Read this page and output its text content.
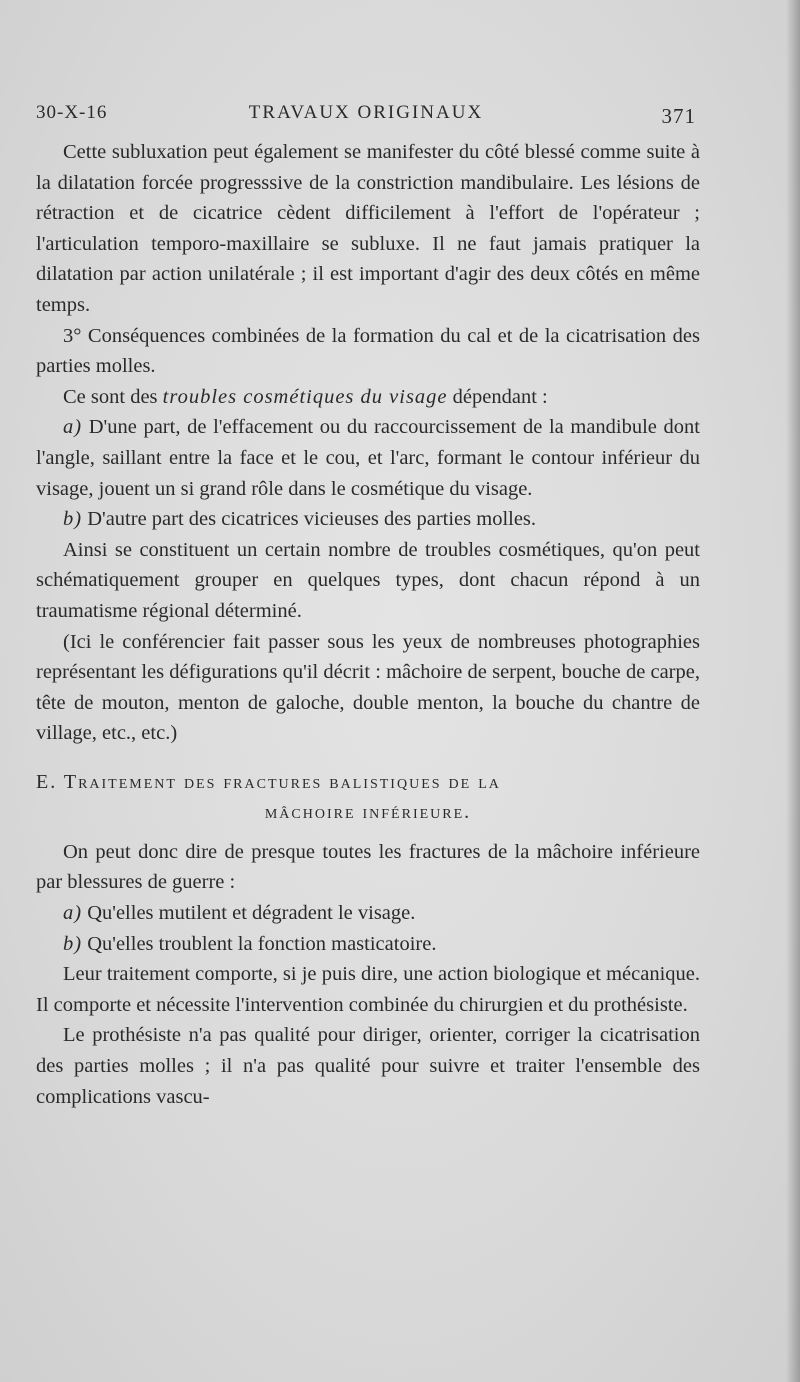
30-X-16	TRAVAUX ORIGINAUX	371

Cette subluxation peut également se manifester du côté blessé comme suite à la dilatation forcée progresssive de la constriction mandibulaire. Les lésions de rétraction et de cicatrice cèdent difficilement à l'effort de l'opérateur ; l'articulation temporo-maxillaire se subluxe. Il ne faut jamais pratiquer la dilatation par action unilatérale ; il est important d'agir des deux côtés en même temps.

3° Conséquences combinées de la formation du cal et de la cicatrisation des parties molles.

Ce sont des troubles cosmétiques du visage dépendant :

a) D'une part, de l'effacement ou du raccourcissement de la mandibule dont l'angle, saillant entre la face et le cou, et l'arc, formant le contour inférieur du visage, jouent un si grand rôle dans le cosmétique du visage.

b) D'autre part des cicatrices vicieuses des parties molles.

Ainsi se constituent un certain nombre de troubles cosmétiques, qu'on peut schématiquement grouper en quelques types, dont chacun répond à un traumatisme régional déterminé.

(Ici le conférencier fait passer sous les yeux de nombreuses photographies représentant les défigurations qu'il décrit : mâchoire de serpent, bouche de carpe, tête de mouton, menton de galoche, double menton, la bouche du chantre de village, etc., etc.)

E. Traitement des fractures balistiques de la
mâchoire inférieure.

On peut donc dire de presque toutes les fractures de la mâchoire inférieure par blessures de guerre :

a) Qu'elles mutilent et dégradent le visage.

b) Qu'elles troublent la fonction masticatoire.

Leur traitement comporte, si je puis dire, une action biologique et mécanique. Il comporte et nécessite l'intervention combinée du chirurgien et du prothésiste.

Le prothésiste n'a pas qualité pour diriger, orienter, corriger la cicatrisation des parties molles ; il n'a pas qualité pour suivre et traiter l'ensemble des complications vascu-
